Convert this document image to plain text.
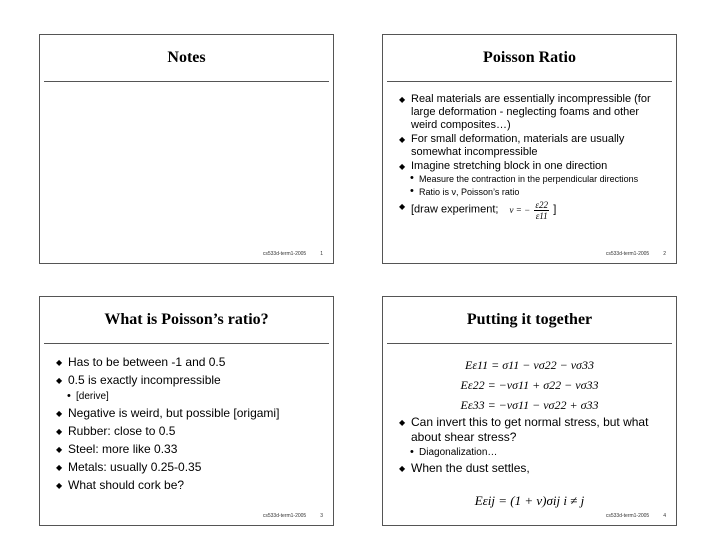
Notes
cs533d-term1-2005	1
Poisson Ratio
◆ Real materials are essentially incompressible (for large deformation - neglecting foams and other weird composites…)
◆ For small deformation, materials are usually somewhat incompressible
◆ Imagine stretching block in one direction
• Measure the contraction in the perpendicular directions
• Ratio is ν, Poisson’s ratio
◆ [draw experiment; ν = − $\frac{\varepsilon 22}{\varepsilon 11}$ ]
cs533d-term1-2005	2
What is Poisson’s ratio?
◆ Has to be between -1 and 0.5
◆ 0.5 is exactly incompressible
• [derive]
◆ Negative is weird, but possible [origami]
◆ Rubber: close to 0.5
◆ Steel: more like 0.33
◆ Metals: usually 0.25-0.35
◆ What should cork be?
cs533d-term1-2005	3
Putting it together
Eε11 = σ11 − νσ22 − νσ33
Eε22 = −νσ11 + σ22 − νσ33
Eε33 = −νσ11 − νσ22 + σ33
◆ Can invert this to get normal stress, but what about shear stress?
• Diagonalization…
◆ When the dust settles,
Eεij = (1 + ν)σij i ≠ j
cs533d-term1-2005	4
